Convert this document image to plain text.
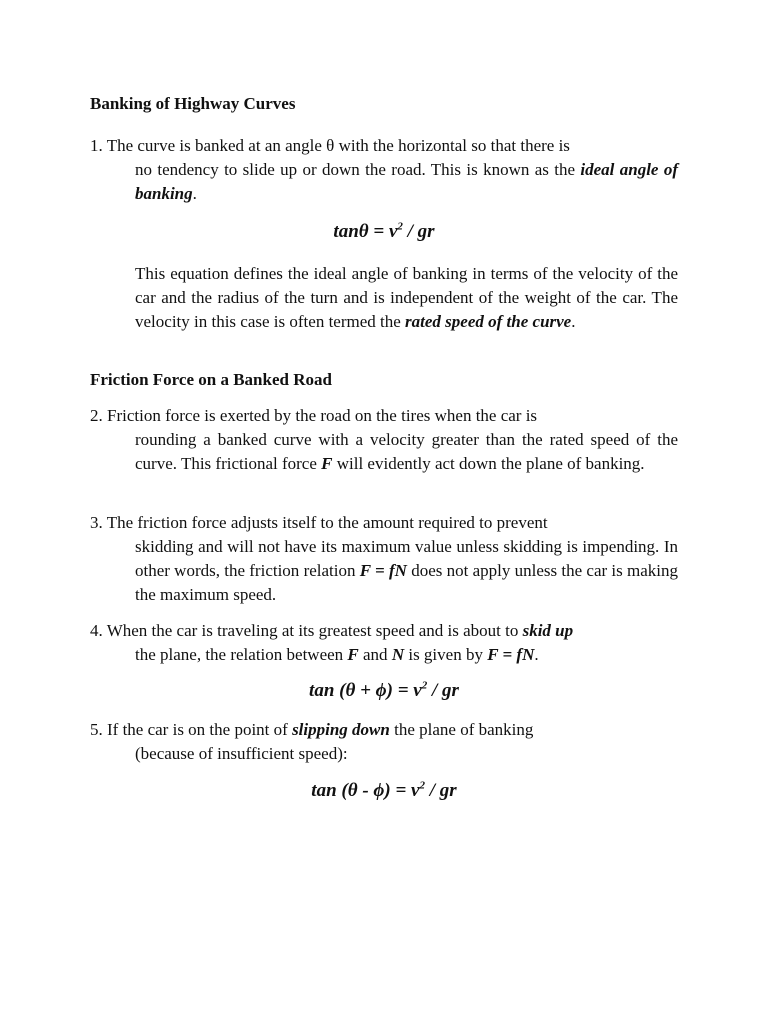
Banking of Highway Curves
1. The curve is banked at an angle θ with the horizontal so that there is
no tendency to slide up or down the road. This is known as the ideal angle of banking.
$\tan\theta = v^2$ / gr
This equation defines the ideal angle of banking in terms of the velocity of the car and the radius of the turn and is independent of the weight of the car. The velocity in this case is often termed the rated speed of the curve.
Friction Force on a Banked Road
2. Friction force is exerted by the road on the tires when the car is
rounding a banked curve with a velocity greater than the rated speed of the curve. This frictional force F will evidently act down the plane of banking.
3. The friction force adjusts itself to the amount required to prevent
skidding and will not have its maximum value unless skidding is impending. In other words, the friction relation F = fN does not apply unless the car is making the maximum speed.
4. When the car is traveling at its greatest speed and is about to skid up
the plane, the relation between F and N is given by F = fN.
$\tan (\theta + \phi) = v^2$ / gr
5. If the car is on the point of slipping down the plane of banking
(because of insufficient speed):
$\tan (\theta - \phi) = v^2$ / gr
